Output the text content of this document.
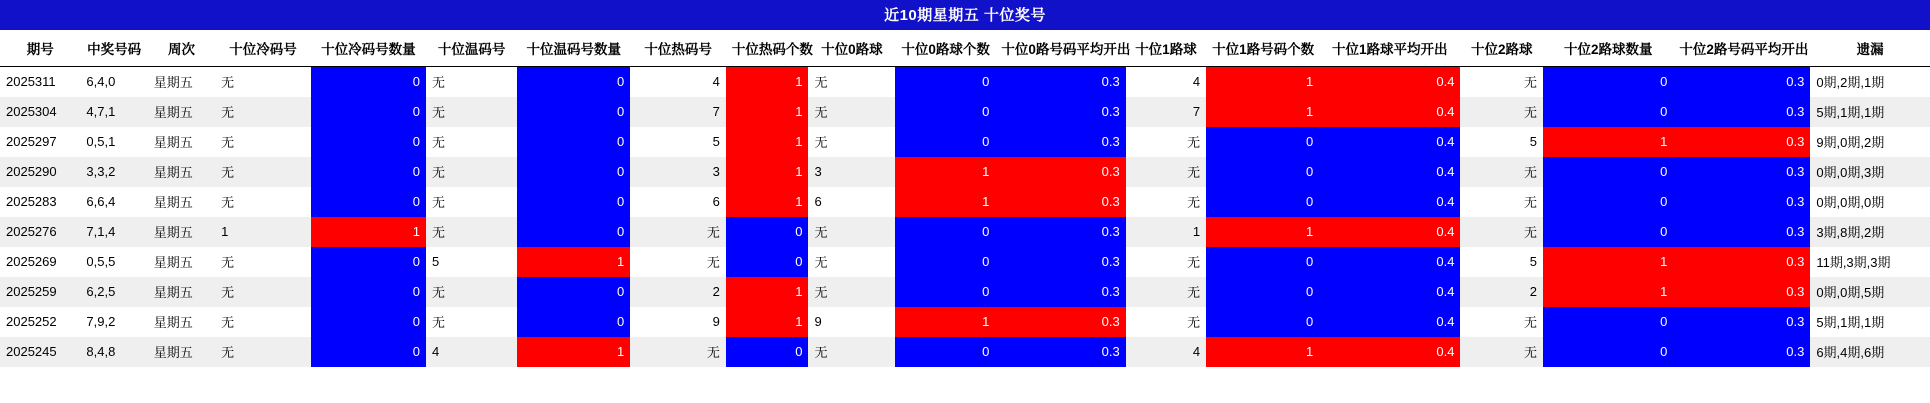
近10期星期五 十位奖号
期号	中奖号码	周次	十位冷码号	十位冷码号数量	十位温码号	十位温码号数量	十位热码号	十位热码个数	十位0路球	十位0路球个数	十位0路号码平均开出	十位1路球	十位1路号码个数	十位1路球平均开出	十位2路球	十位2路球数量	十位2路号码平均开出	遗漏
2025311	6,4,0	星期五	无	0	无	0	4	1	无	0	0.3	4	1	0.4	无	0	0.3	0期,2期,1期
2025304	4,7,1	星期五	无	0	无	0	7	1	无	0	0.3	7	1	0.4	无	0	0.3	5期,1期,1期
2025297	0,5,1	星期五	无	0	无	0	5	1	无	0	0.3	无	0	0.4	5	1	0.3	9期,0期,2期
2025290	3,3,2	星期五	无	0	无	0	3	1	3	1	0.3	无	0	0.4	无	0	0.3	0期,0期,3期
2025283	6,6,4	星期五	无	0	无	0	6	1	6	1	0.3	无	0	0.4	无	0	0.3	0期,0期,0期
2025276	7,1,4	星期五	1	1	无	0	无	0	无	0	0.3	1	1	0.4	无	0	0.3	3期,8期,2期
2025269	0,5,5	星期五	无	0	5	1	无	0	无	0	0.3	无	0	0.4	5	1	0.3	11期,3期,3期
2025259	6,2,5	星期五	无	0	无	0	2	1	无	0	0.3	无	0	0.4	2	1	0.3	0期,0期,5期
2025252	7,9,2	星期五	无	0	无	0	9	1	9	1	0.3	无	0	0.4	无	0	0.3	5期,1期,1期
2025245	8,4,8	星期五	无	0	4	1	无	0	无	0	0.3	4	1	0.4	无	0	0.3	6期,4期,6期
